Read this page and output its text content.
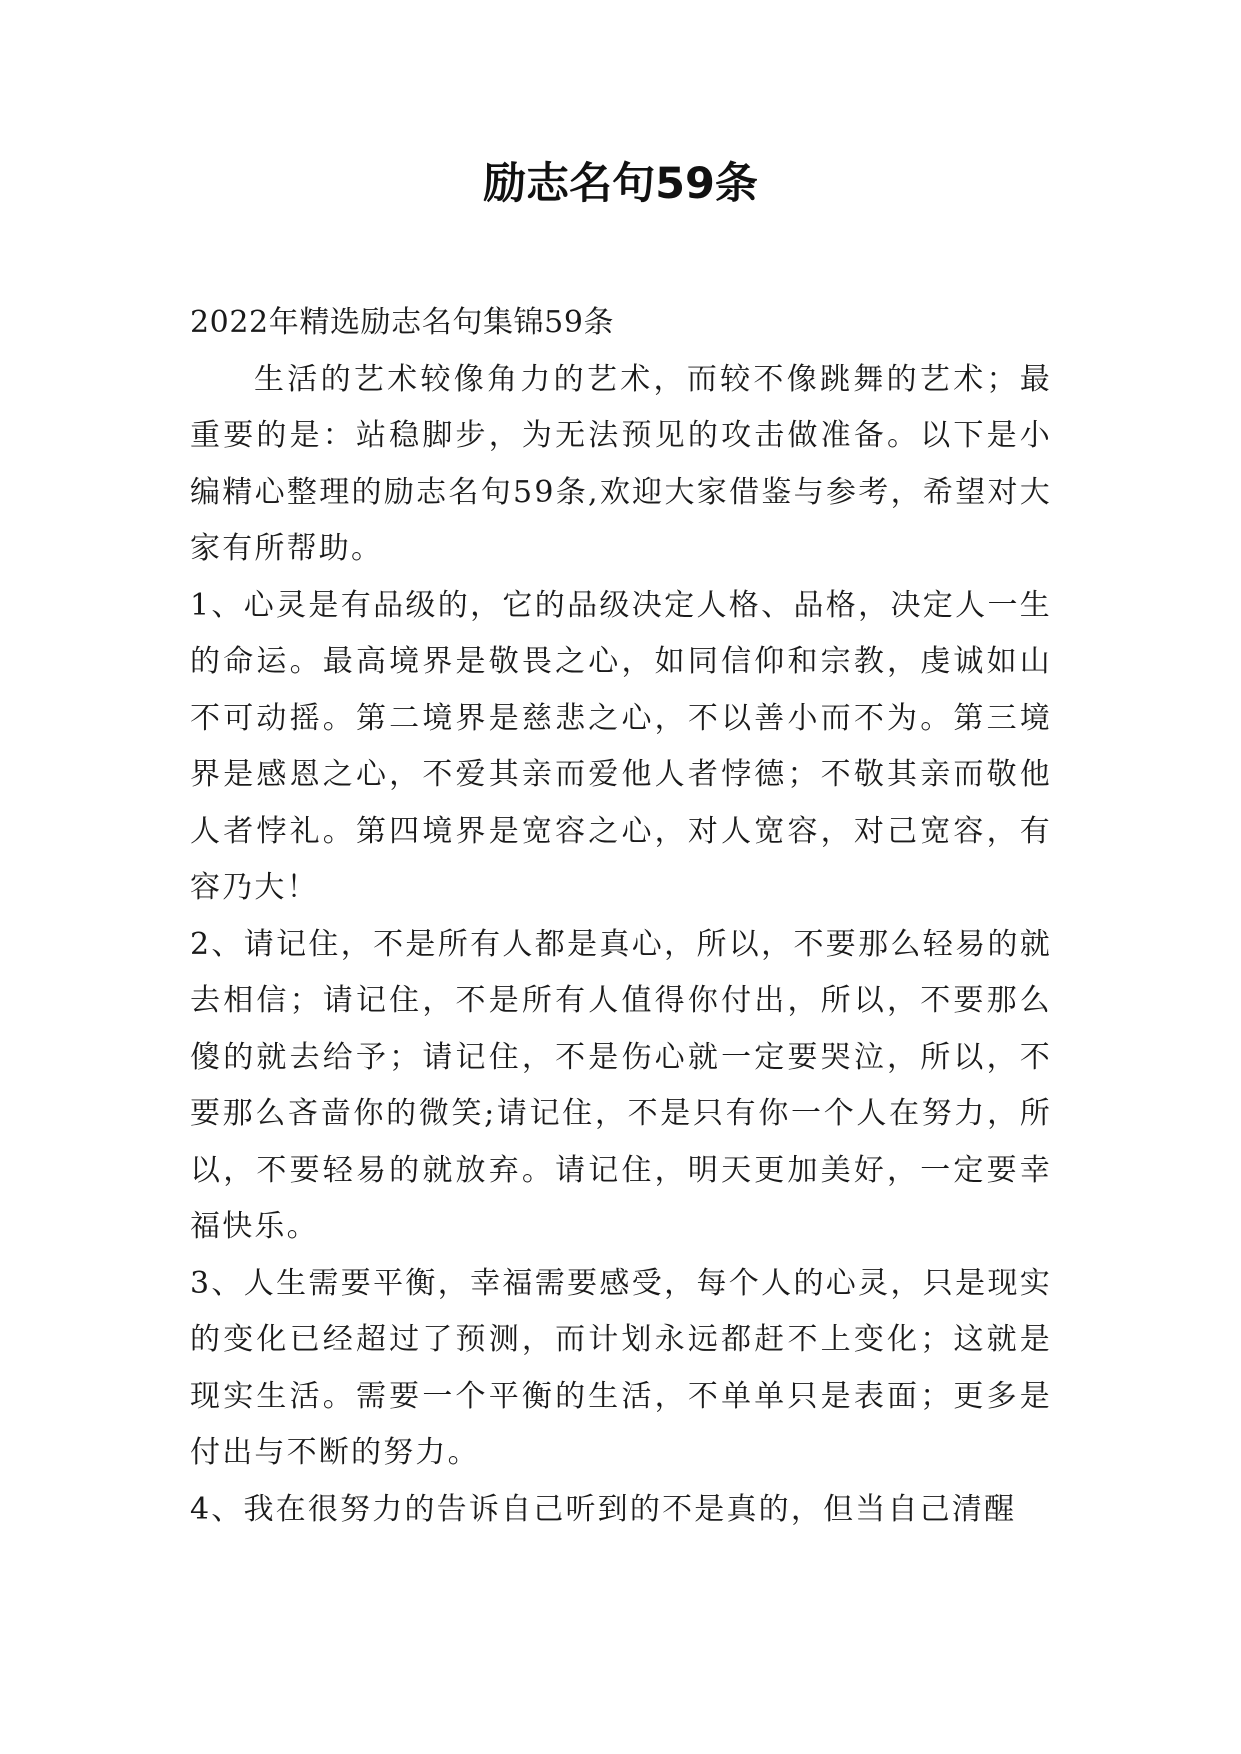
励志名句59条

2022年精选励志名句集锦59条

生活的艺术较像角力的艺术，而较不像跳舞的艺术；最重要的是：站稳脚步，为无法预见的攻击做准备。以下是小编精心整理的励志名句59条,欢迎大家借鉴与参考，希望对大家有所帮助。

1、心灵是有品级的，它的品级决定人格、品格，决定人一生的命运。最高境界是敬畏之心，如同信仰和宗教，虔诚如山不可动摇。第二境界是慈悲之心，不以善小而不为。第三境界是感恩之心，不爱其亲而爱他人者悖德；不敬其亲而敬他人者悖礼。第四境界是宽容之心，对人宽容，对己宽容，有容乃大！

2、请记住，不是所有人都是真心，所以，不要那么轻易的就去相信；请记住，不是所有人值得你付出，所以，不要那么傻的就去给予；请记住，不是伤心就一定要哭泣，所以，不要那么吝啬你的微笑;请记住，不是只有你一个人在努力，所以，不要轻易的就放弃。请记住，明天更加美好，一定要幸福快乐。

3、人生需要平衡，幸福需要感受，每个人的心灵，只是现实的变化已经超过了预测，而计划永远都赶不上变化；这就是现实生活。需要一个平衡的生活，不单单只是表面；更多是付出与不断的努力。

4、我在很努力的告诉自己听到的不是真的，但当自己清醒
